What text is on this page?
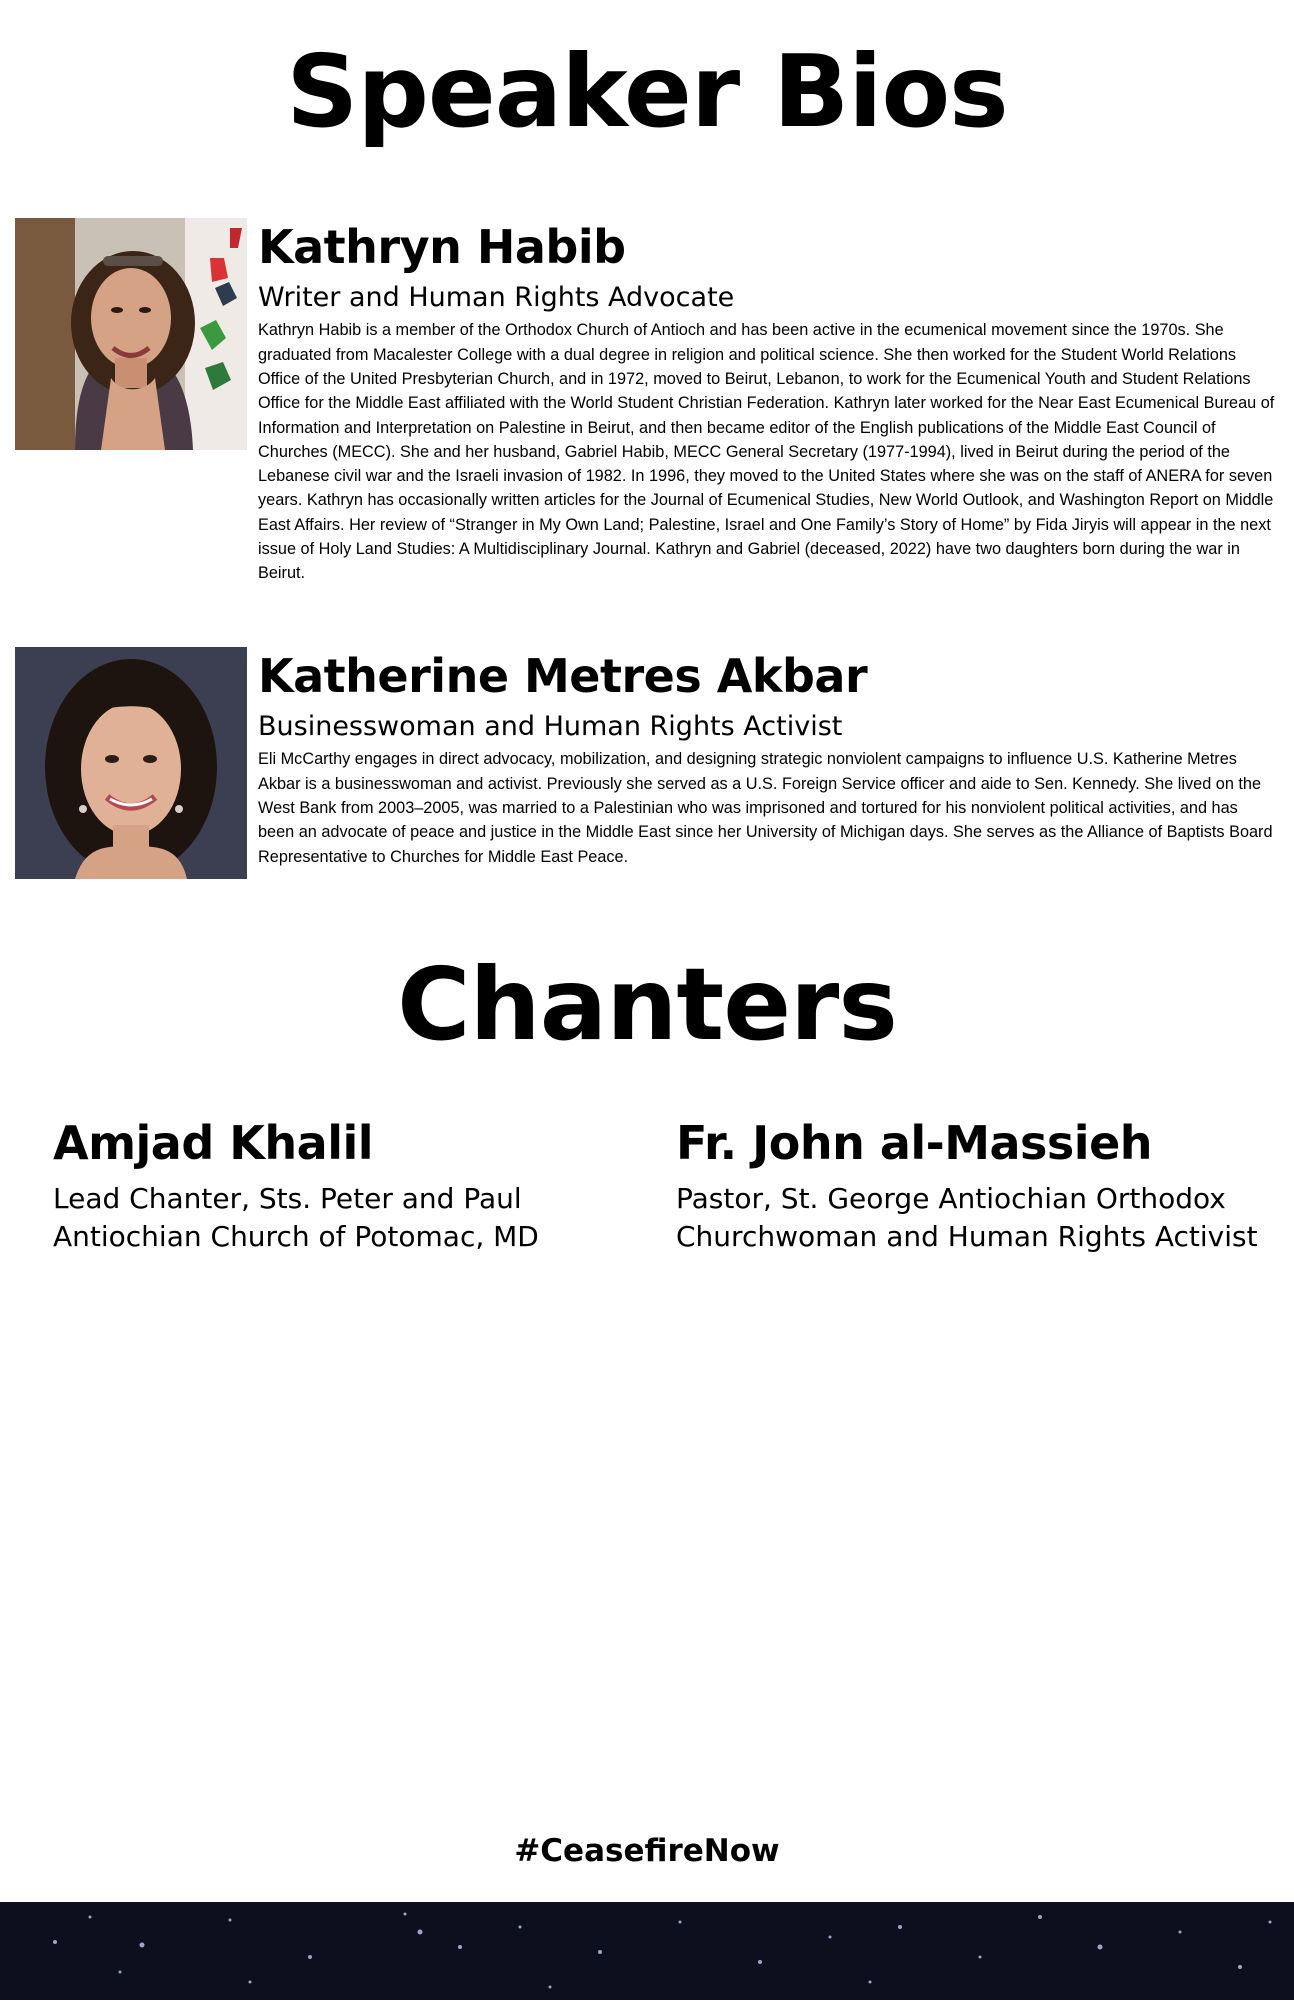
Speaker Bios
Kathryn Habib
Writer and Human Rights Advocate

Kathryn Habib is a member of the Orthodox Church of Antioch and has been active in the ecumenical movement since the 1970s. She graduated from Macalester College with a dual degree in religion and political science. She then worked for the Student World Relations Office of the United Presbyterian Church, and in 1972, moved to Beirut, Lebanon, to work for the Ecumenical Youth and Student Relations Office for the Middle East affiliated with the World Student Christian Federation. Kathryn later worked for the Near East Ecumenical Bureau of Information and Interpretation on Palestine in Beirut, and then became editor of the English publications of the Middle East Council of Churches (MECC). She and her husband, Gabriel Habib, MECC General Secretary (1977-1994), lived in Beirut during the period of the Lebanese civil war and the Israeli invasion of 1982. In 1996, they moved to the United States where she was on the staff of ANERA for seven years. Kathryn has occasionally written articles for the Journal of Ecumenical Studies, New World Outlook, and Washington Report on Middle East Affairs. Her review of “Stranger in My Own Land; Palestine, Israel and One Family’s Story of Home” by Fida Jiryis will appear in the next issue of Holy Land Studies: A Multidisciplinary Journal. Kathryn and Gabriel (deceased, 2022) have two daughters born during the war in Beirut.

Katherine Metres Akbar
Businesswoman and Human Rights Activist

Eli McCarthy engages in direct advocacy, mobilization, and designing strategic nonviolent campaigns to influence U.S. Katherine Metres Akbar is a businesswoman and activist. Previously she served as a U.S. Foreign Service officer and aide to Sen. Kennedy. She lived on the West Bank from 2003–2005, was married to a Palestinian who was imprisoned and tortured for his nonviolent political activities, and has been an advocate of peace and justice in the Middle East since her University of Michigan days. She serves as the Alliance of Baptists Board Representative to Churches for Middle East Peace.

Chanters
Amjad Khalil

Lead Chanter, Sts. Peter and Paul

Antiochian Church of Potomac, MD

Fr. John al-Massieh

Pastor, St. George Antiochian Orthodox

Churchwoman and Human Rights Activist

#CeasefireNow
